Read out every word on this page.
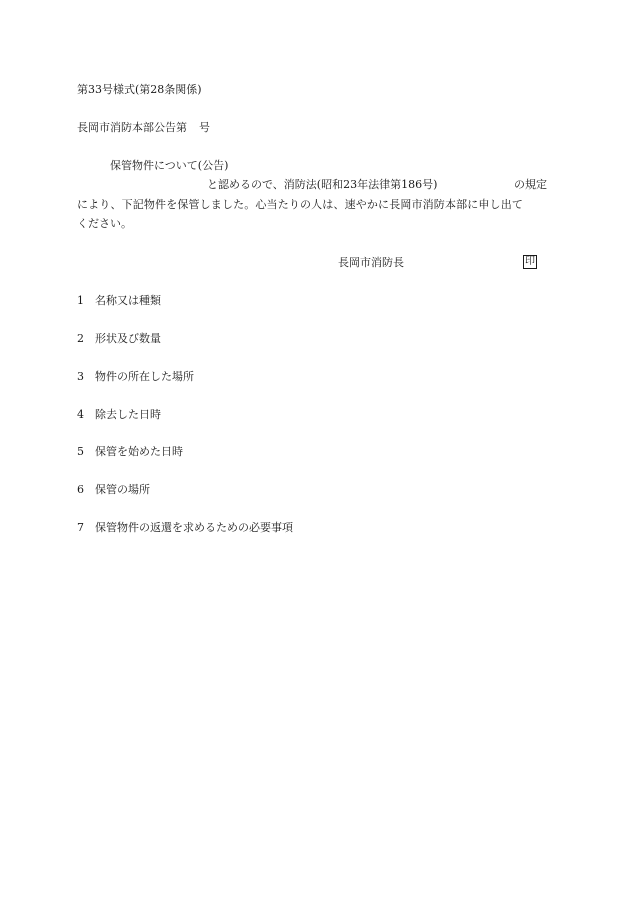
第33号様式(第28条関係)
長岡市消防本部公告第 号
保管物件について(公告)
と認めるので、消防法(昭和23年法律第186号)	の規定
により、下記物件を保管しました。心当たりの人は、速やかに長岡市消防本部に申し出て
ください。
長岡市消防長	印
1 名称又は種類
2 形状及び数量
3 物件の所在した場所
4 除去した日時
5 保管を始めた日時
6 保管の場所
7 保管物件の返還を求めるための必要事項
